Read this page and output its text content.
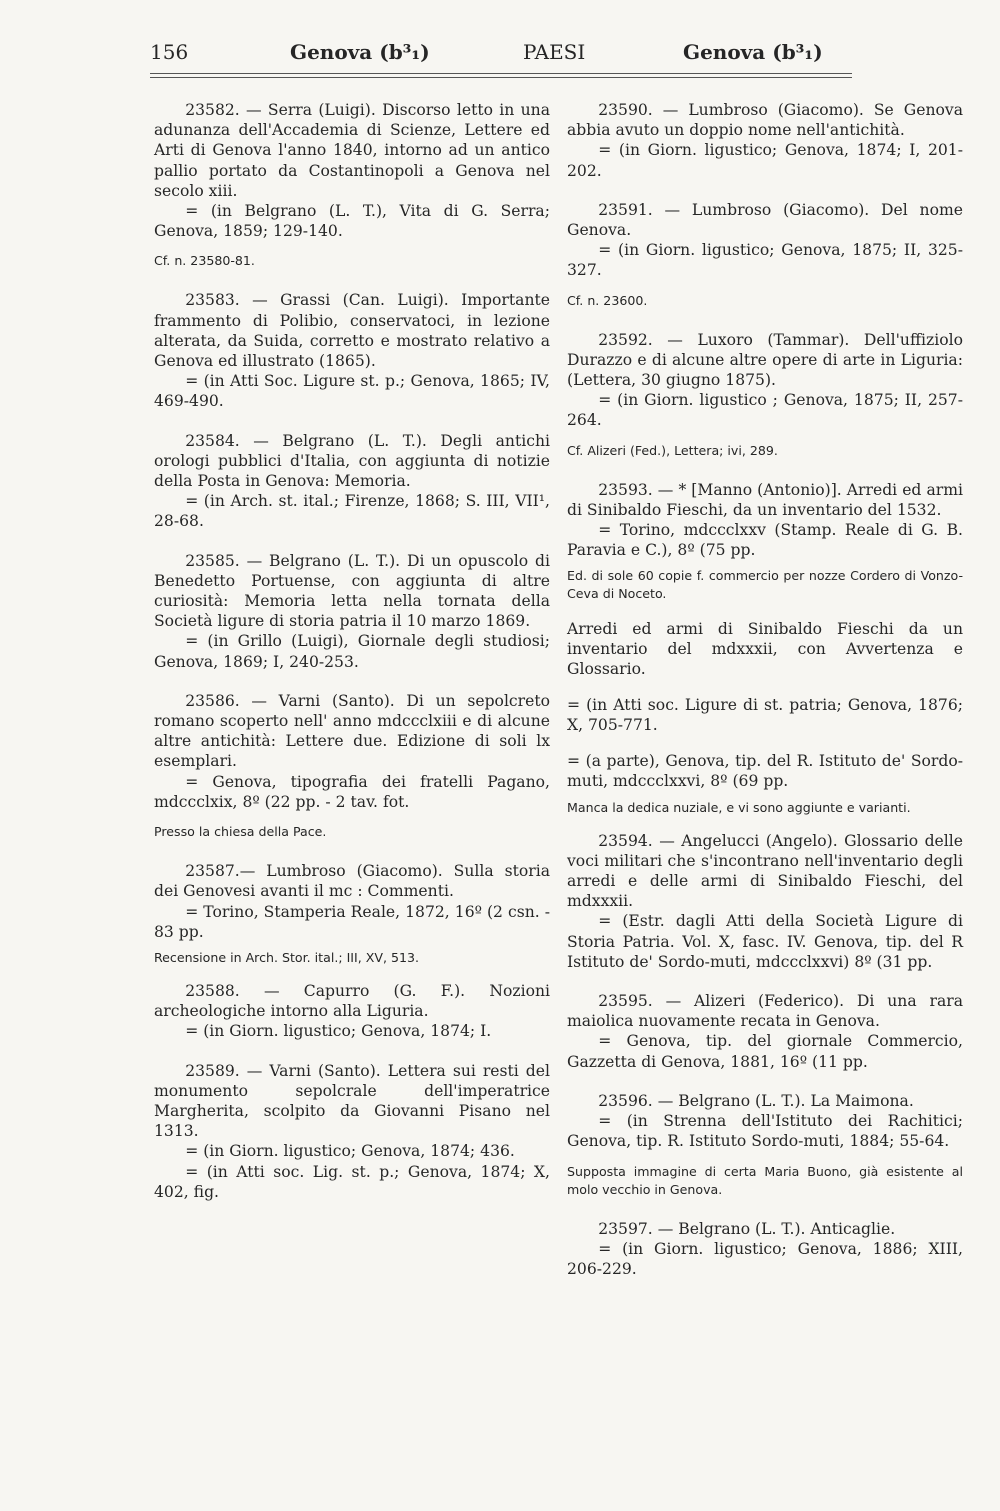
156	Genova (b³₁)	PAESI	Genova (b³₁)

23582. — Serra (Luigi). Discorso letto in una adunanza dell'Accademia di Scienze, Lettere ed Arti di Genova l'anno 1840, intorno ad un antico pallio portato da Costantinopoli a Genova nel secolo xiii.

= (in Belgrano (L. T.), Vita di G. Serra; Genova, 1859; 129-140.

Cf. n. 23580-81.

23583. — Grassi (Can. Luigi). Importante frammento di Polibio, conservatoci, in lezione alterata, da Suida, corretto e mostrato relativo a Genova ed illustrato (1865).

= (in Atti Soc. Ligure st. p.; Genova, 1865; IV, 469-490.

23584. — Belgrano (L. T.). Degli antichi orologi pubblici d'Italia, con aggiunta di notizie della Posta in Genova: Memoria.

= (in Arch. st. ital.; Firenze, 1868; S. III, VII¹, 28-68.

23585. — Belgrano (L. T.). Di un opuscolo di Benedetto Portuense, con aggiunta di altre curiosità: Memoria letta nella tornata della Società ligure di storia patria il 10 marzo 1869.

= (in Grillo (Luigi), Giornale degli studiosi; Genova, 1869; I, 240-253.

23586. — Varni (Santo). Di un sepolcreto romano scoperto nell' anno mdccclxiii e di alcune altre antichità: Lettere due. Edizione di soli lx esemplari.

= Genova, tipografia dei fratelli Pagano, mdccclxix, 8º (22 pp. - 2 tav. fot.

Presso la chiesa della Pace.

23587.— Lumbroso (Giacomo). Sulla storia dei Genovesi avanti il mc : Commenti.

= Torino, Stamperia Reale, 1872, 16º (2 csn. - 83 pp.

Recensione in Arch. Stor. ital.; III, XV, 513.

23588. — Capurro (G. F.). Nozioni archeologiche intorno alla Liguria.

= (in Giorn. ligustico; Genova, 1874; I.

23589. — Varni (Santo). Lettera sui resti del monumento sepolcrale dell'imperatrice Margherita, scolpito da Giovanni Pisano nel 1313.

= (in Giorn. ligustico; Genova, 1874; 436.

= (in Atti soc. Lig. st. p.; Genova, 1874; X, 402, fig.

23590. — Lumbroso (Giacomo). Se Genova abbia avuto un doppio nome nell'antichità.

= (in Giorn. ligustico; Genova, 1874; I, 201-202.

23591. — Lumbroso (Giacomo). Del nome Genova.

= (in Giorn. ligustico; Genova, 1875; II, 325-327.

Cf. n. 23600.

23592. — Luxoro (Tammar). Dell'uffiziolo Durazzo e di alcune altre opere di arte in Liguria: (Lettera, 30 giugno 1875).

= (in Giorn. ligustico ; Genova, 1875; II, 257-264.

Cf. Alizeri (Fed.), Lettera; ivi, 289.

23593. — * [Manno (Antonio)]. Arredi ed armi di Sinibaldo Fieschi, da un inventario del 1532.

= Torino, mdccclxxv (Stamp. Reale di G. B. Paravia e C.), 8º (75 pp.

Ed. di sole 60 copie f. commercio per nozze Cordero di Vonzo-Ceva di Noceto.

Arredi ed armi di Sinibaldo Fieschi da un inventario del mdxxxii, con Avvertenza e Glossario.

= (in Atti soc. Ligure di st. patria; Genova, 1876; X, 705-771.

= (a parte), Genova, tip. del R. Istituto de' Sordo-muti, mdccclxxvi, 8º (69 pp.

Manca la dedica nuziale, e vi sono aggiunte e varianti.

23594. — Angelucci (Angelo). Glossario delle voci militari che s'incontrano nell'inventario degli arredi e delle armi di Sinibaldo Fieschi, del mdxxxii.

= (Estr. dagli Atti della Società Ligure di Storia Patria. Vol. X, fasc. IV. Genova, tip. del R Istituto de' Sordo-muti, mdccclxxvi) 8º (31 pp.

23595. — Alizeri (Federico). Di una rara maiolica nuovamente recata in Genova.

= Genova, tip. del giornale Commercio, Gazzetta di Genova, 1881, 16º (11 pp.

23596. — Belgrano (L. T.). La Maimona.

= (in Strenna dell'Istituto dei Rachitici; Genova, tip. R. Istituto Sordo-muti, 1884; 55-64.

Supposta immagine di certa Maria Buono, già esistente al molo vecchio in Genova.

23597. — Belgrano (L. T.). Anticaglie.

= (in Giorn. ligustico; Genova, 1886; XIII, 206-229.
